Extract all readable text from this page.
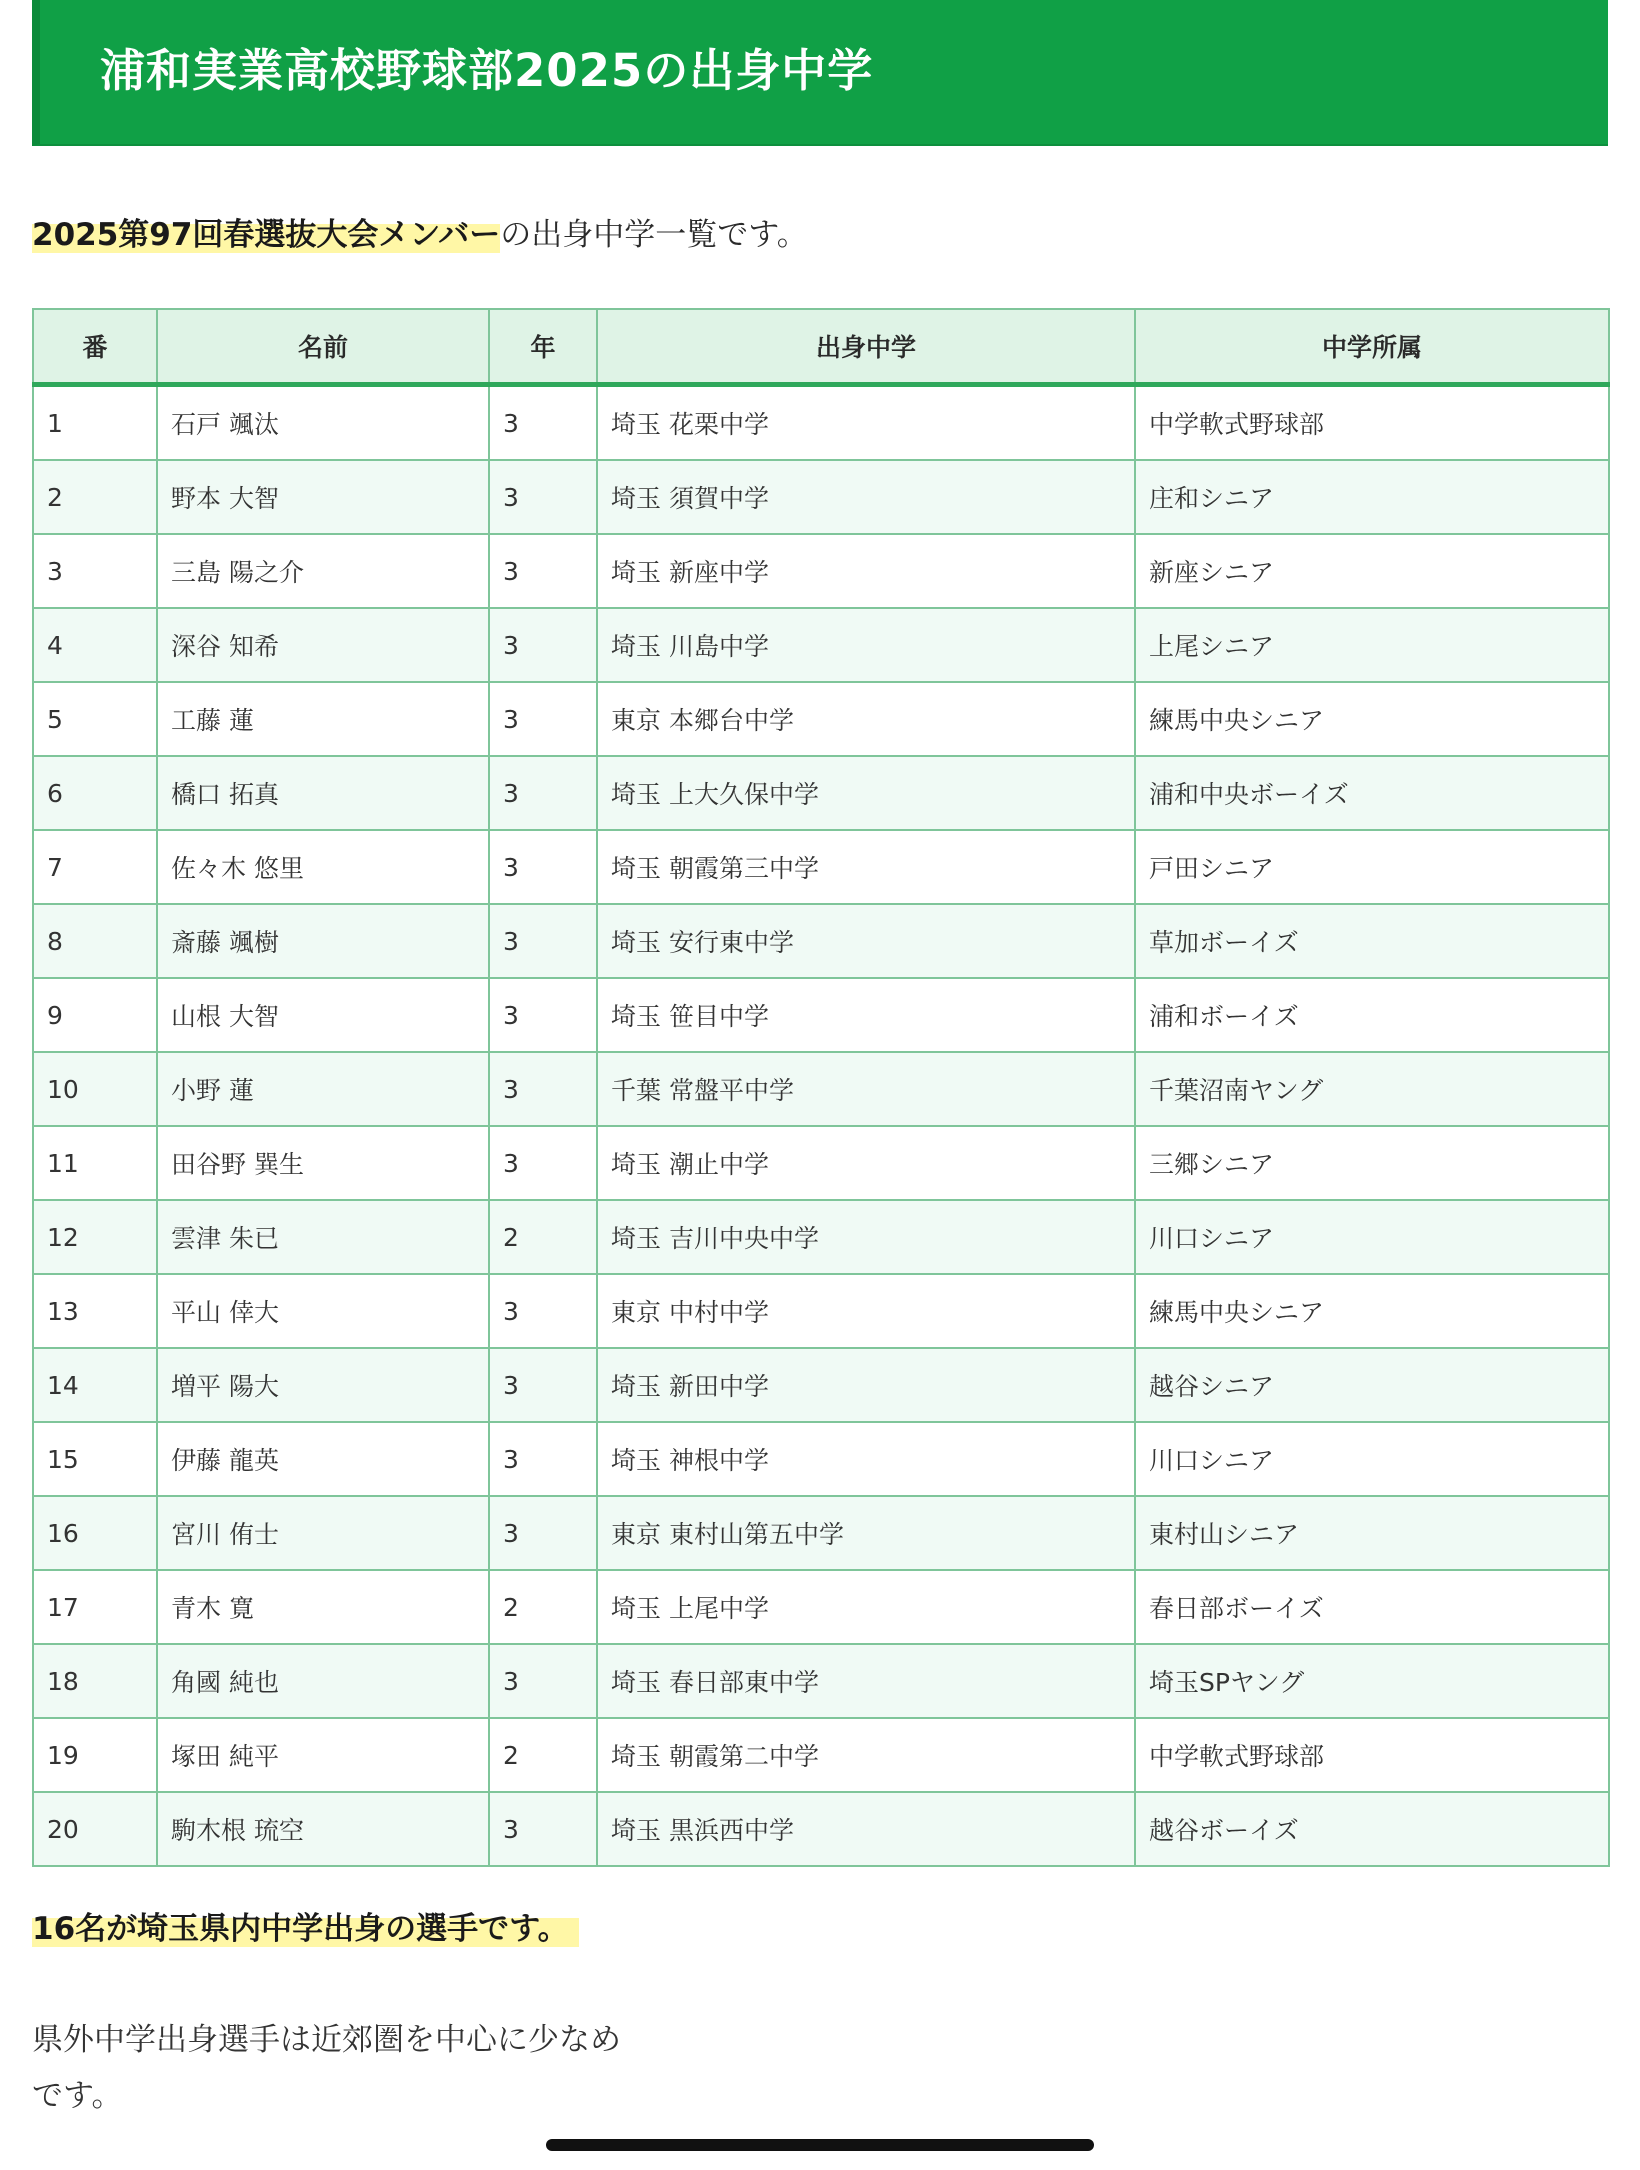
浦和実業高校野球部2025の出身中学
2025第97回春選抜大会メンバーの出身中学一覧です。
番	名前	年	出身中学	中学所属
1	石戸 颯汰	3	埼玉 花栗中学	中学軟式野球部
2	野本 大智	3	埼玉 須賀中学	庄和シニア
3	三島 陽之介	3	埼玉 新座中学	新座シニア
4	深谷 知希	3	埼玉 川島中学	上尾シニア
5	工藤 蓮	3	東京 本郷台中学	練馬中央シニア
6	橋口 拓真	3	埼玉 上大久保中学	浦和中央ボーイズ
7	佐々木 悠里	3	埼玉 朝霞第三中学	戸田シニア
8	斎藤 颯樹	3	埼玉 安行東中学	草加ボーイズ
9	山根 大智	3	埼玉 笹目中学	浦和ボーイズ
10	小野 蓮	3	千葉 常盤平中学	千葉沼南ヤング
11	田谷野 巽生	3	埼玉 潮止中学	三郷シニア
12	雲津 朱已	2	埼玉 吉川中央中学	川口シニア
13	平山 倖大	3	東京 中村中学	練馬中央シニア
14	増平 陽大	3	埼玉 新田中学	越谷シニア
15	伊藤 龍英	3	埼玉 神根中学	川口シニア
16	宮川 侑士	3	東京 東村山第五中学	東村山シニア
17	青木 寛	2	埼玉 上尾中学	春日部ボーイズ
18	角國 純也	3	埼玉 春日部東中学	埼玉SPヤング
19	塚田 純平	2	埼玉 朝霞第二中学	中学軟式野球部
20	駒木根 琉空	3	埼玉 黒浜西中学	越谷ボーイズ
16名が埼玉県内中学出身の選手です。
県外中学出身選手は近郊圏を中心に少なめ
です。
